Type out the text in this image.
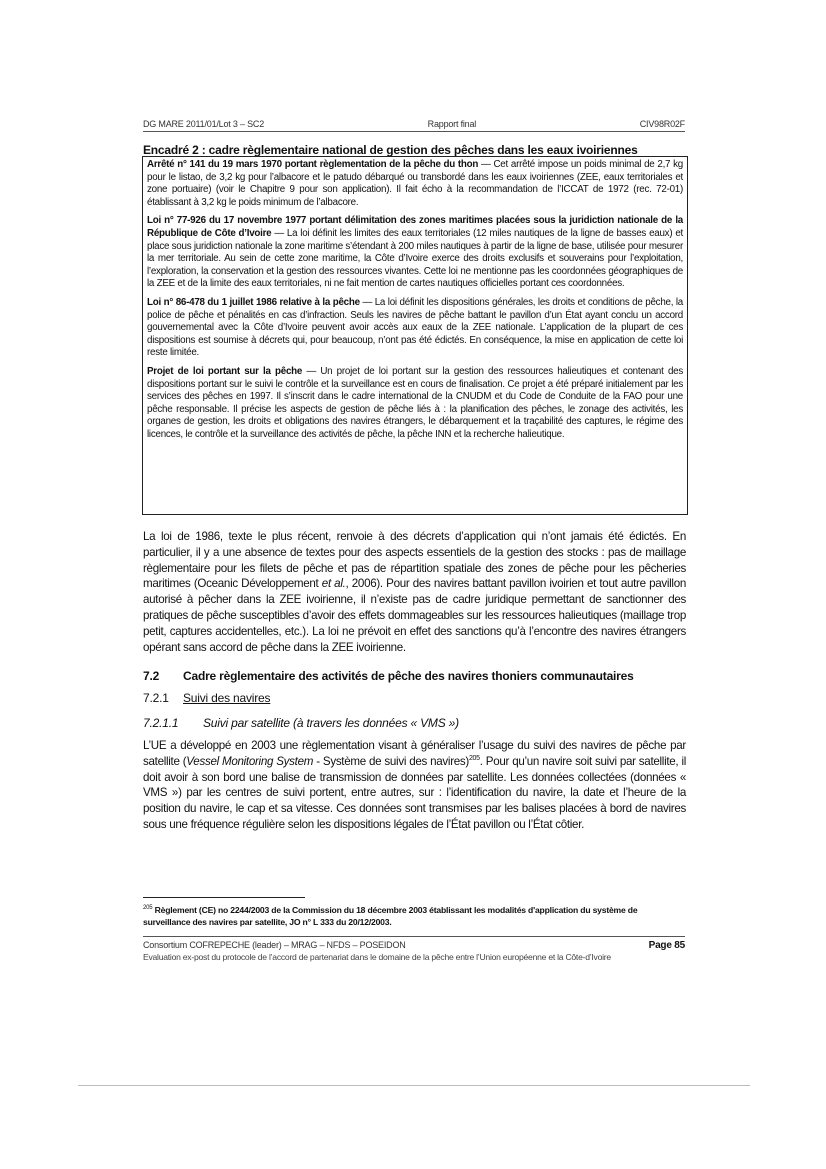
DG MARE 2011/01/Lot 3 – SC2	Rapport final	CIV98R02F
Encadré 2 : cadre règlementaire national de gestion des pêches dans les eaux ivoiriennes

Arrêté n° 141 du 19 mars 1970 portant règlementation de la pêche du thon — Cet arrêté impose un poids minimal de 2,7 kg pour le listao, de 3,2 kg pour l’albacore et le patudo débarqué ou transbordé dans les eaux ivoiriennes (ZEE, eaux territoriales et zone portuaire) (voir le Chapitre 9 pour son application). Il fait écho à la recommandation de l’ICCAT de 1972 (rec. 72-01) établissant à 3,2 kg le poids minimum de l’albacore.

Loi n° 77-926 du 17 novembre 1977 portant délimitation des zones maritimes placées sous la juridiction nationale de la République de Côte d’Ivoire — La loi définit les limites des eaux territoriales (12 miles nautiques de la ligne de basses eaux) et place sous juridiction nationale la zone maritime s’étendant à 200 miles nautiques à partir de la ligne de base, utilisée pour mesurer la mer territoriale. Au sein de cette zone maritime, la Côte d’Ivoire exerce des droits exclusifs et souverains pour l’exploitation, l’exploration, la conservation et la gestion des ressources vivantes. Cette loi ne mentionne pas les coordonnées géographiques de la ZEE et de la limite des eaux territoriales, ni ne fait mention de cartes nautiques officielles portant ces coordonnées.

Loi n° 86-478 du 1 juillet 1986 relative à la pêche — La loi définit les dispositions générales, les droits et conditions de pêche, la police de pêche et pénalités en cas d’infraction. Seuls les navires de pêche battant le pavillon d’un État ayant conclu un accord gouvernemental avec la Côte d’Ivoire peuvent avoir accès aux eaux de la ZEE nationale. L’application de la plupart de ces dispositions est soumise à décrets qui, pour beaucoup, n’ont pas été édictés. En conséquence, la mise en application de cette loi reste limitée.

Projet de loi portant sur la pêche — Un projet de loi portant sur la gestion des ressources halieutiques et contenant des dispositions portant sur le suivi le contrôle et la surveillance est en cours de finalisation. Ce projet a été préparé initialement par les services des pêches en 1997. Il s’inscrit dans le cadre international de la CNUDM et du Code de Conduite de la FAO pour une pêche responsable. Il précise les aspects de gestion de pêche liés à : la planification des pêches, le zonage des activités, les organes de gestion, les droits et obligations des navires étrangers, le débarquement et la traçabilité des captures, le régime des licences, le contrôle et la surveillance des activités de pêche, la pêche INN et la recherche halieutique.

La loi de 1986, texte le plus récent, renvoie à des décrets d’application qui n’ont jamais été édictés. En particulier, il y a une absence de textes pour des aspects essentiels de la gestion des stocks : pas de maillage règlementaire pour les filets de pêche et pas de répartition spatiale des zones de pêche pour les pêcheries maritimes (Oceanic Développement et al., 2006). Pour des navires battant pavillon ivoirien et tout autre pavillon autorisé à pêcher dans la ZEE ivoirienne, il n’existe pas de cadre juridique permettant de sanctionner des pratiques de pêche susceptibles d’avoir des effets dommageables sur les ressources halieutiques (maillage trop petit, captures accidentelles, etc.). La loi ne prévoit en effet des sanctions qu’à l’encontre des navires étrangers opérant sans accord de pêche dans la ZEE ivoirienne.

7.2 Cadre règlementaire des activités de pêche des navires thoniers communautaires
7.2.1 Suivi des navires
7.2.1.1 Suivi par satellite (à travers les données « VMS »)

L’UE a développé en 2003 une règlementation visant à généraliser l’usage du suivi des navires de pêche par satellite (Vessel Monitoring System - Système de suivi des navires)$^{205}$. Pour qu’un navire soit suivi par satellite, il doit avoir à son bord une balise de transmission de données par satellite. Les données collectées (données « VMS ») par les centres de suivi portent, entre autres, sur : l’identification du navire, la date et l’heure de la position du navire, le cap et sa vitesse. Ces données sont transmises par les balises placées à bord de navires sous une fréquence régulière selon les dispositions légales de l’État pavillon ou l’État côtier.

$^{205}$ Règlement (CE) no 2244/2003 de la Commission du 18 décembre 2003 établissant les modalités d'application du système de surveillance des navires par satellite, JO n° L 333 du 20/12/2003.
Consortium COFREPECHE (leader) – MRAG – NFDS – POSEIDON	Page 85
Evaluation ex-post du protocole de l’accord de partenariat dans le domaine de la pêche entre l’Union européenne et la Côte-d’Ivoire
